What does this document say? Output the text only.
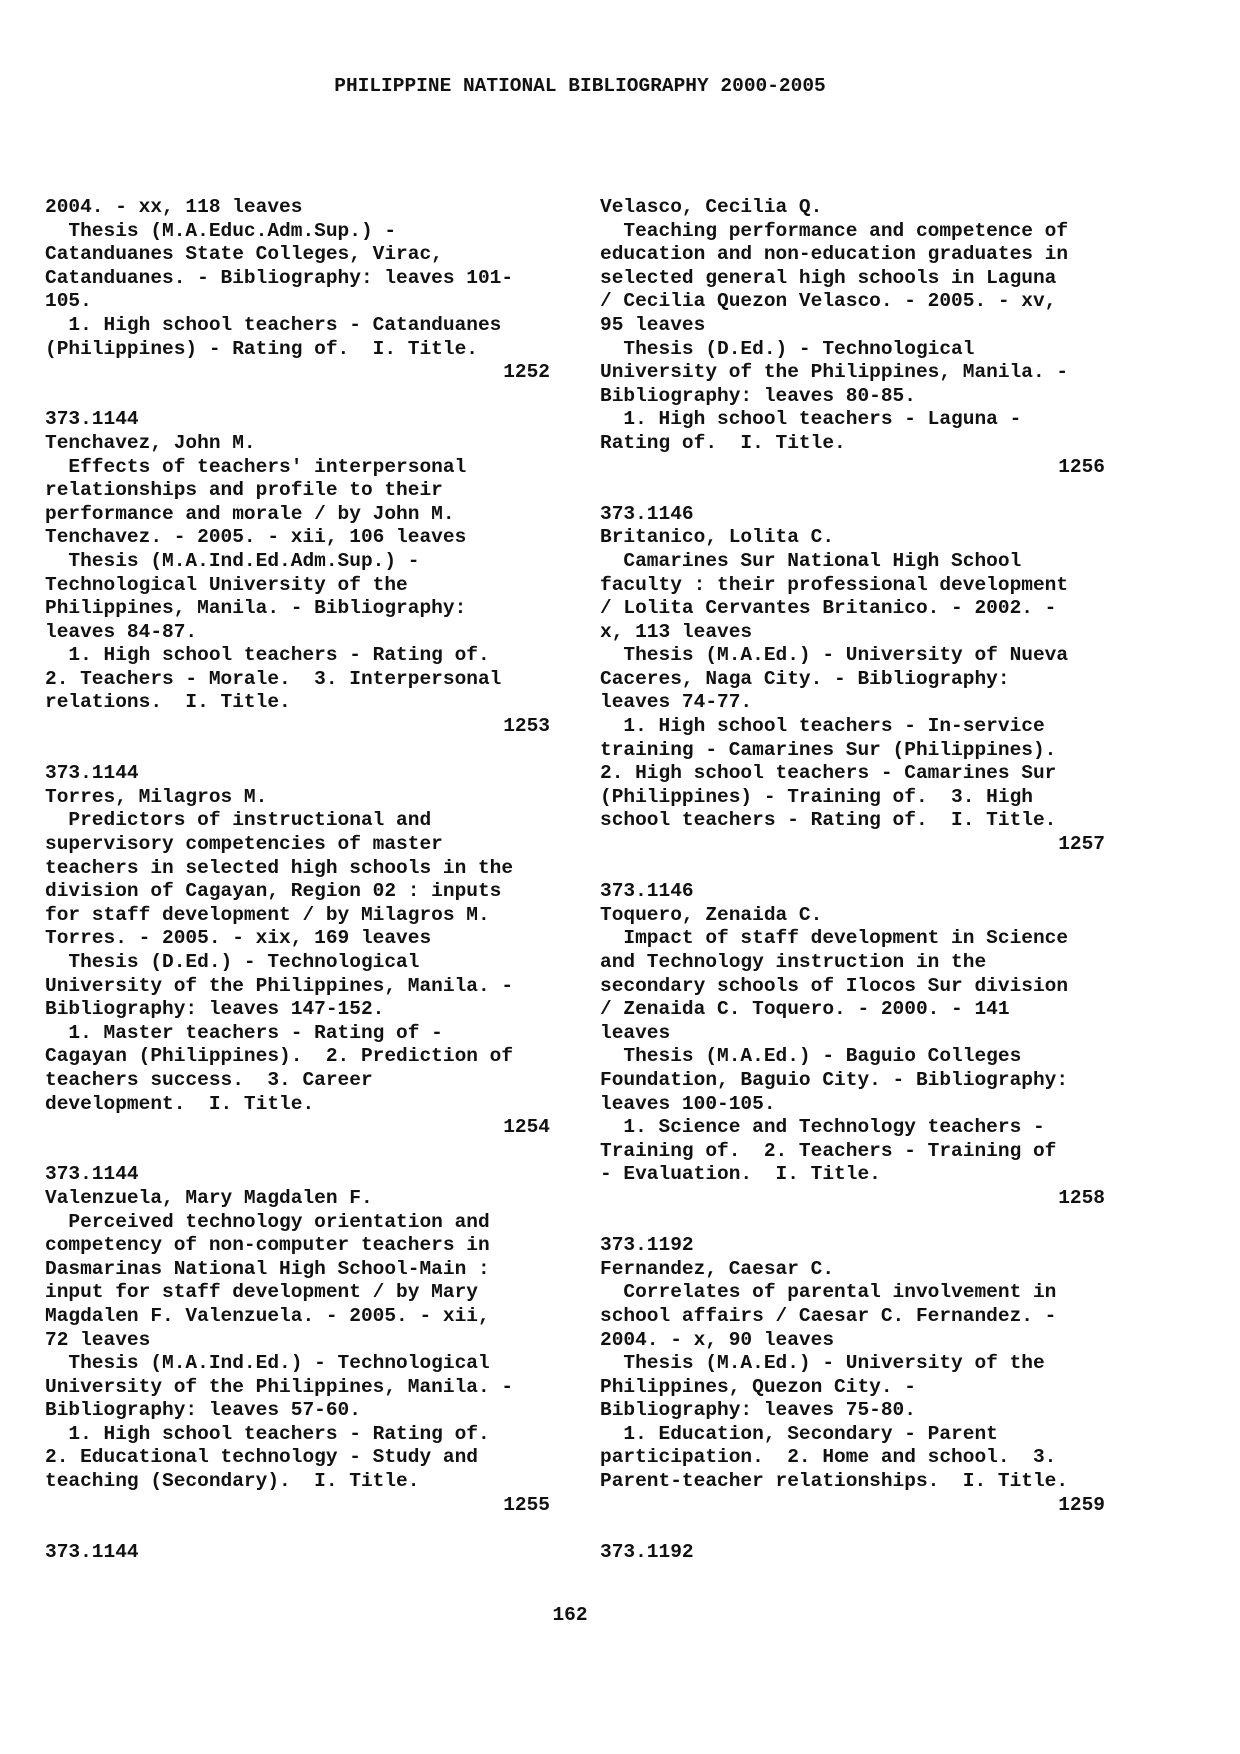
PHILIPPINE NATIONAL BIBLIOGRAPHY 2000-2005
2004. - xx, 118 leaves
Thesis (M.A.Educ.Adm.Sup.) -
Catanduanes State Colleges, Virac,
Catanduanes. - Bibliography: leaves 101-
105.
1. High school teachers - Catanduanes
(Philippines) - Rating of.  I. Title.
1252
373.1144
Tenchavez, John M.
Effects of teachers' interpersonal
relationships and profile to their
performance and morale / by John M.
Tenchavez. - 2005. - xii, 106 leaves
Thesis (M.A.Ind.Ed.Adm.Sup.) -
Technological University of the
Philippines, Manila. - Bibliography:
leaves 84-87.
1. High school teachers - Rating of.
2. Teachers - Morale.  3. Interpersonal
relations.  I. Title.
1253
373.1144
Torres, Milagros M.
Predictors of instructional and
supervisory competencies of master
teachers in selected high schools in the
division of Cagayan, Region 02 : inputs
for staff development / by Milagros M.
Torres. - 2005. - xix, 169 leaves
Thesis (D.Ed.) - Technological
University of the Philippines, Manila. -
Bibliography: leaves 147-152.
1. Master teachers - Rating of -
Cagayan (Philippines).  2. Prediction of
teachers success.  3. Career
development.  I. Title.
1254
373.1144
Valenzuela, Mary Magdalen F.
Perceived technology orientation and
competency of non-computer teachers in
Dasmarinas National High School-Main :
input for staff development / by Mary
Magdalen F. Valenzuela. - 2005. - xii,
72 leaves
Thesis (M.A.Ind.Ed.) - Technological
University of the Philippines, Manila. -
Bibliography: leaves 57-60.
1. High school teachers - Rating of.
2. Educational technology - Study and
teaching (Secondary).  I. Title.
1255
373.1144
Velasco, Cecilia Q.
Teaching performance and competence of
education and non-education graduates in
selected general high schools in Laguna
/ Cecilia Quezon Velasco. - 2005. - xv,
95 leaves
Thesis (D.Ed.) - Technological
University of the Philippines, Manila. -
Bibliography: leaves 80-85.
1. High school teachers - Laguna -
Rating of.  I. Title.
1256
373.1146
Britanico, Lolita C.
Camarines Sur National High School
faculty : their professional development
/ Lolita Cervantes Britanico. - 2002. -
x, 113 leaves
Thesis (M.A.Ed.) - University of Nueva
Caceres, Naga City. - Bibliography:
leaves 74-77.
1. High school teachers - In-service
training - Camarines Sur (Philippines).
2. High school teachers - Camarines Sur
(Philippines) - Training of.  3. High
school teachers - Rating of.  I. Title.
1257
373.1146
Toquero, Zenaida C.
Impact of staff development in Science
and Technology instruction in the
secondary schools of Ilocos Sur division
/ Zenaida C. Toquero. - 2000. - 141
leaves
Thesis (M.A.Ed.) - Baguio Colleges
Foundation, Baguio City. - Bibliography:
leaves 100-105.
1. Science and Technology teachers -
Training of.  2. Teachers - Training of
- Evaluation.  I. Title.
1258
373.1192
Fernandez, Caesar C.
Correlates of parental involvement in
school affairs / Caesar C. Fernandez. -
2004. - x, 90 leaves
Thesis (M.A.Ed.) - University of the
Philippines, Quezon City. -
Bibliography: leaves 75-80.
1. Education, Secondary - Parent
participation.  2. Home and school.  3.
Parent-teacher relationships.  I. Title.
1259
373.1192
162
